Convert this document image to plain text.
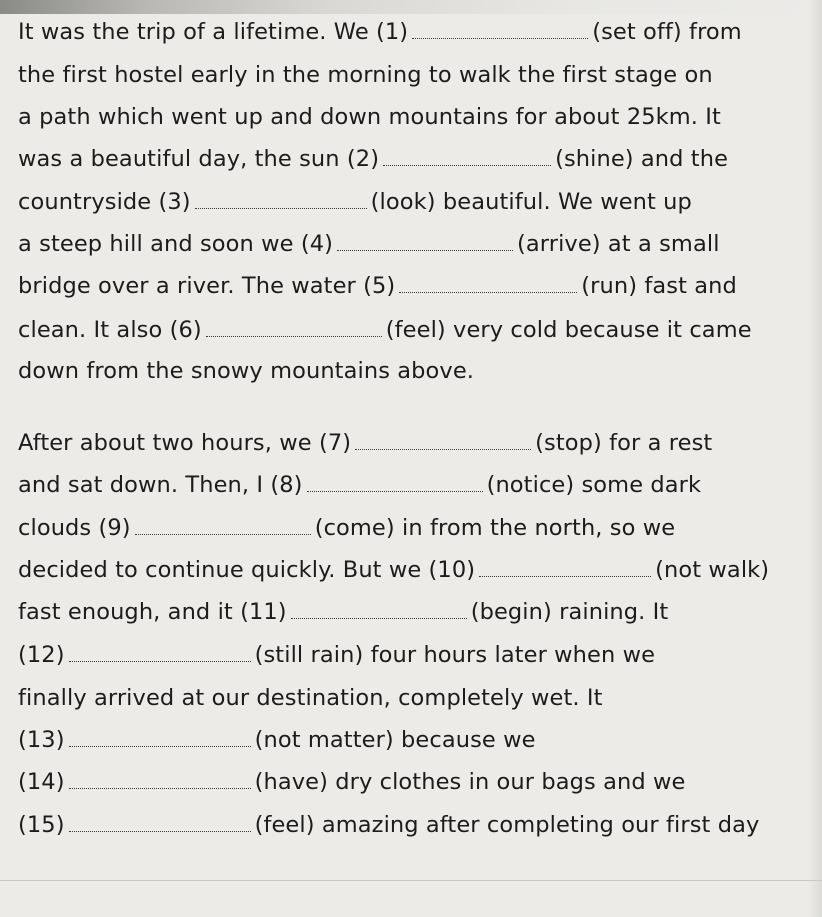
It was the trip of a lifetime. We (1)	(set off) from
the first hostel early in the morning to walk the first stage on
a path which went up and down mountains for about 25km. It
was a beautiful day, the sun (2)	(shine) and the
countryside (3)	(look) beautiful. We went up
a steep hill and soon we (4)	(arrive) at a small
bridge over a river. The water (5)	(run) fast and
clean. It also (6)	(feel) very cold because it came
down from the snowy mountains above.
After about two hours, we (7)	(stop) for a rest
and sat down. Then, I (8)	(notice) some dark
clouds (9)	(come) in from the north, so we
decided to continue quickly. But we (10)	(not walk)
fast enough, and it (11)	(begin) raining. It
(12)	(still rain) four hours later when we
finally arrived at our destination, completely wet. It
(13)	(not matter) because we
(14)	(have) dry clothes in our bags and we
(15)	(feel) amazing after completing our first day
